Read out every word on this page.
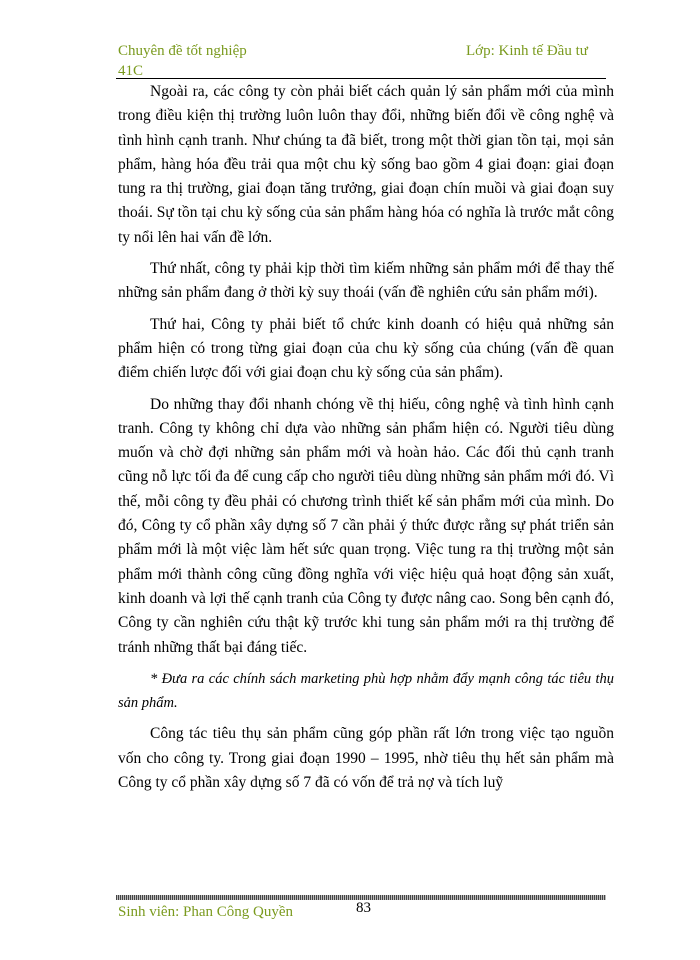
Chuyên đề tốt nghiệp
41C
Lớp: Kinh tế Đầu tư

Ngoài ra, các công ty còn phải biết cách quản lý sản phẩm mới của mình trong điều kiện thị trường luôn luôn thay đổi, những biến đổi về công nghệ và tình hình cạnh tranh. Như chúng ta đã biết, trong một thời gian tồn tại, mọi sản phẩm, hàng hóa đều trải qua một chu kỳ sống bao gồm 4 giai đoạn: giai đoạn tung ra thị trường, giai đoạn tăng trưởng, giai đoạn chín muồi và giai đoạn suy thoái. Sự tồn tại chu kỳ sống của sản phẩm hàng hóa có nghĩa là trước mắt công ty nổi lên hai vấn đề lớn.

Thứ nhất, công ty phải kịp thời tìm kiếm những sản phẩm mới để thay thế những sản phẩm đang ở thời kỳ suy thoái (vấn đề nghiên cứu sản phẩm mới).

Thứ hai, Công ty phải biết tổ chức kinh doanh có hiệu quả những sản phẩm hiện có trong từng giai đoạn của chu kỳ sống của chúng (vấn đề quan điểm chiến lược đối với giai đoạn chu kỳ sống của sản phẩm).

Do những thay đổi nhanh chóng về thị hiếu, công nghệ và tình hình cạnh tranh. Công ty không chỉ dựa vào những sản phẩm hiện có. Người tiêu dùng muốn và chờ đợi những sản phẩm mới và hoàn hảo. Các đối thủ cạnh tranh cũng nỗ lực tối đa để cung cấp cho người tiêu dùng những sản phẩm mới đó. Vì thế, mỗi công ty đều phải có chương trình thiết kế sản phẩm mới của mình. Do đó, Công ty cổ phần xây dựng số 7 cần phải ý thức được rằng sự phát triển sản phẩm mới là một việc làm hết sức quan trọng. Việc tung ra thị trường một sản phẩm mới thành công cũng đồng nghĩa với việc hiệu quả hoạt động sản xuất, kinh doanh và lợi thế cạnh tranh của Công ty được nâng cao. Song bên cạnh đó, Công ty cần nghiên cứu thật kỹ trước khi tung sản phẩm mới ra thị trường để tránh những thất bại đáng tiếc.

* Đưa ra các chính sách marketing phù hợp nhằm đẩy mạnh công tác tiêu thụ sản phẩm.

Công tác tiêu thụ sản phẩm cũng góp phần rất lớn trong việc tạo nguồn vốn cho công ty. Trong giai đoạn 1990 – 1995, nhờ tiêu thụ hết sản phẩm mà Công ty cổ phần xây dựng số 7 đã có vốn để trả nợ và tích luỹ

Sinh viên: Phan Công Quyền	83
